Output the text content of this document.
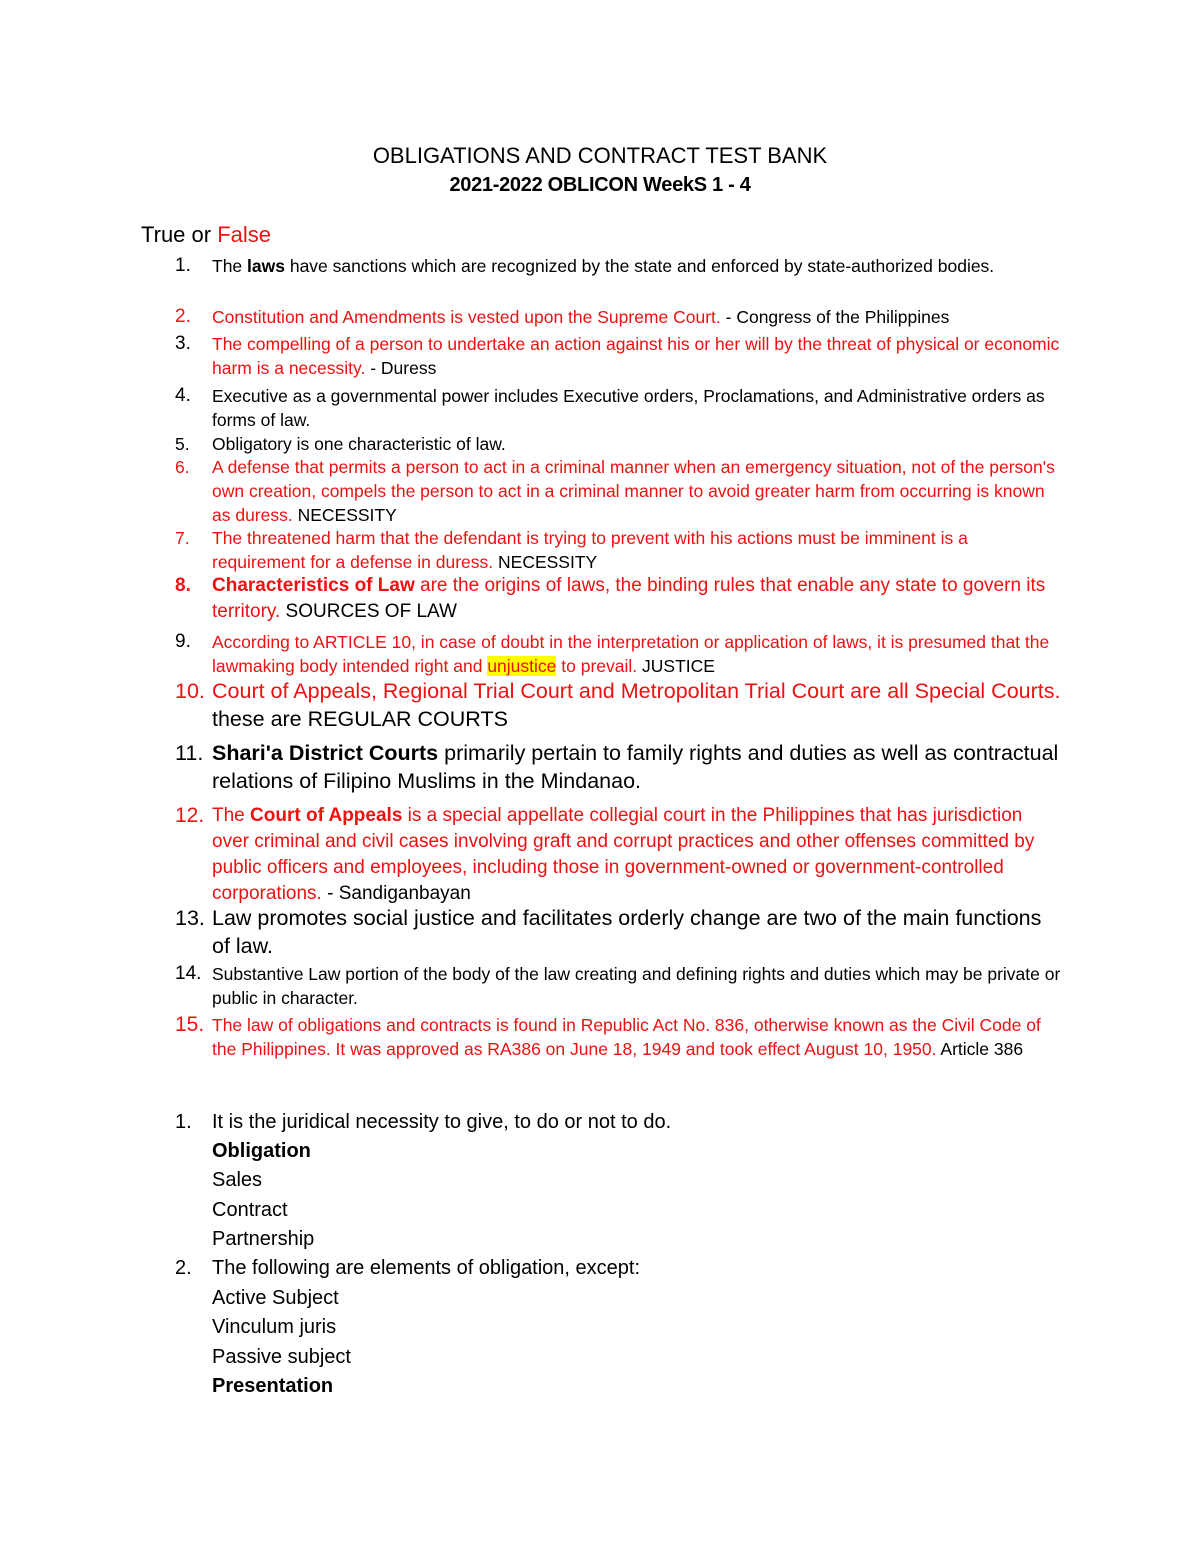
OBLIGATIONS AND CONTRACT TEST BANK
2021-2022 OBLICON WeekS 1 - 4
True or False
1. The laws have sanctions which are recognized by the state and enforced by state-authorized bodies.
2. Constitution and Amendments is vested upon the Supreme Court. - Congress of the Philippines
3. The compelling of a person to undertake an action against his or her will by the threat of physical or economic harm is a necessity. - Duress
4. Executive as a governmental power includes Executive orders, Proclamations, and Administrative orders as forms of law.
5. Obligatory is one characteristic of law.
6. A defense that permits a person to act in a criminal manner when an emergency situation, not of the person's own creation, compels the person to act in a criminal manner to avoid greater harm from occurring is known as duress. NECESSITY
7. The threatened harm that the defendant is trying to prevent with his actions must be imminent is a requirement for a defense in duress. NECESSITY
8. Characteristics of Law are the origins of laws, the binding rules that enable any state to govern its territory. SOURCES OF LAW
9. According to ARTICLE 10, in case of doubt in the interpretation or application of laws, it is presumed that the lawmaking body intended right and unjustice to prevail. JUSTICE
10. Court of Appeals, Regional Trial Court and Metropolitan Trial Court are all Special Courts. these are REGULAR COURTS
11. Shari'a District Courts primarily pertain to family rights and duties as well as contractual relations of Filipino Muslims in the Mindanao.
12. The Court of Appeals is a special appellate collegial court in the Philippines that has jurisdiction over criminal and civil cases involving graft and corrupt practices and other offenses committed by public officers and employees, including those in government-owned or government-controlled corporations. - Sandiganbayan
13. Law promotes social justice and facilitates orderly change are two of the main functions of law.
14. Substantive Law portion of the body of the law creating and defining rights and duties which may be private or public in character.
15. The law of obligations and contracts is found in Republic Act No. 836, otherwise known as the Civil Code of the Philippines. It was approved as RA386 on June 18, 1949 and took effect August 10, 1950. Article 386
1. It is the juridical necessity to give, to do or not to do.
Obligation
Sales
Contract
Partnership
2. The following are elements of obligation, except:
Active Subject
Vinculum juris
Passive subject
Presentation
